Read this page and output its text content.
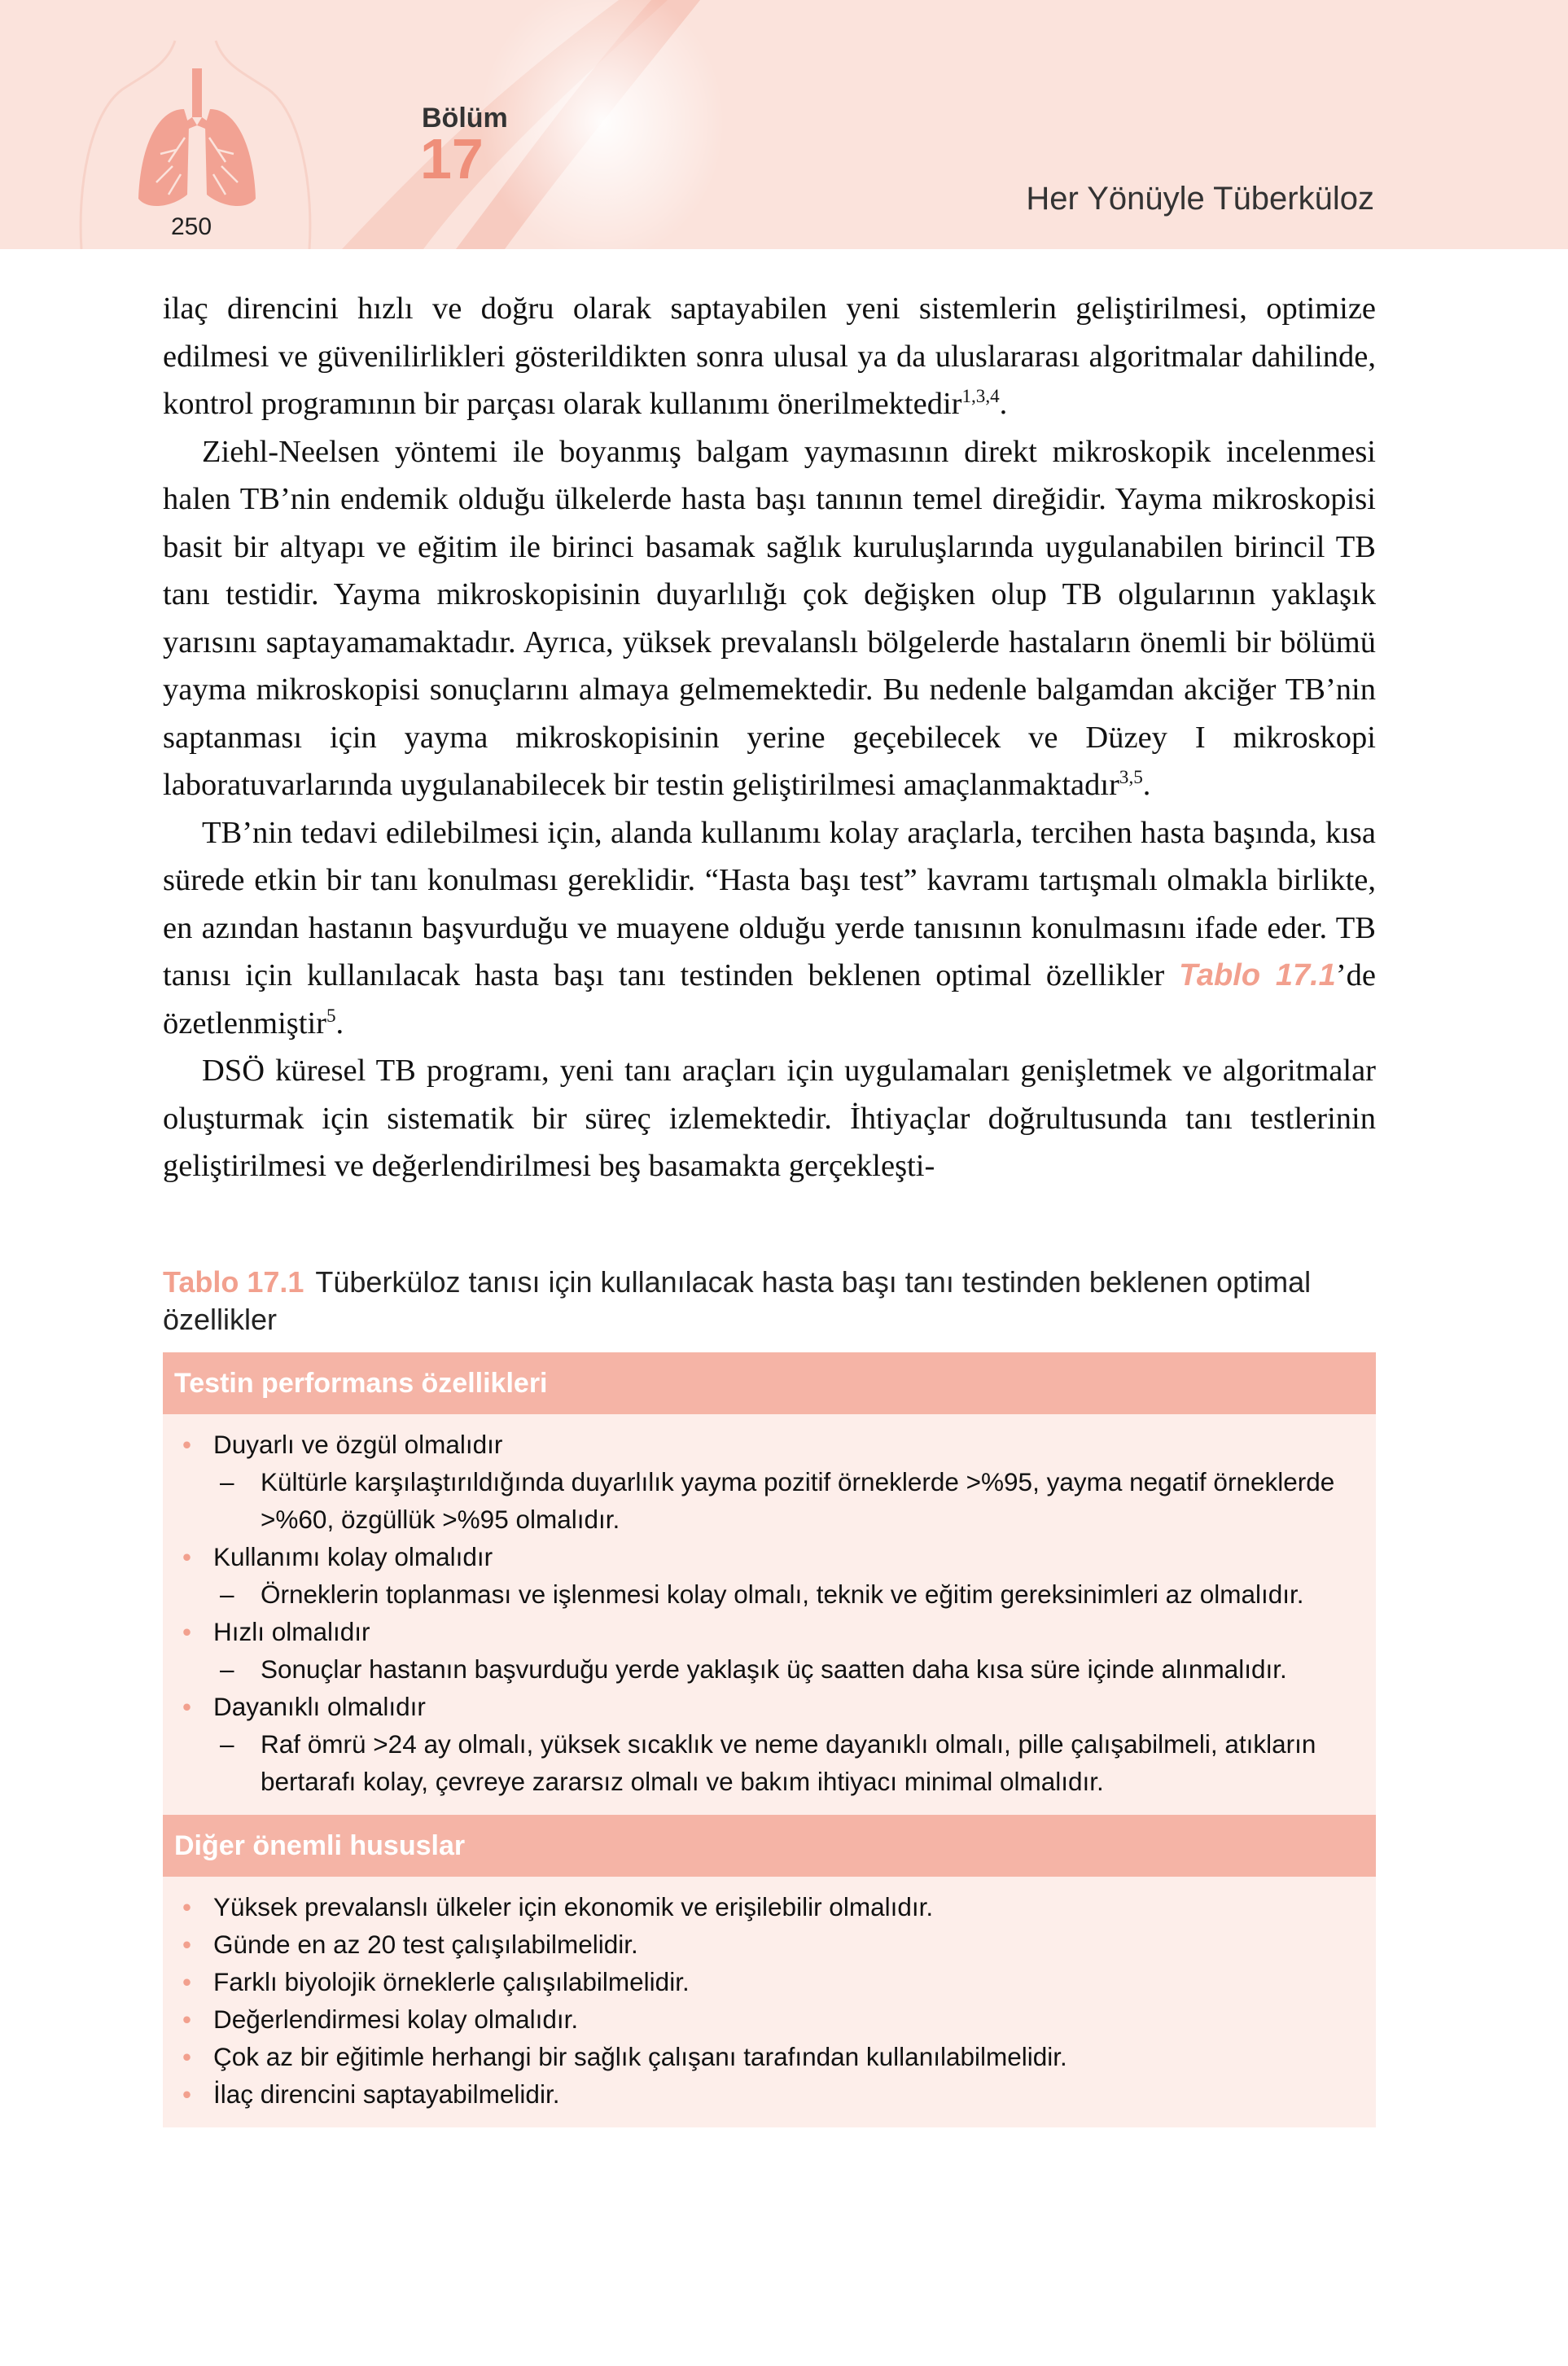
250
Bölüm
17
Her Yönüyle Tüberküloz

ilaç direncini hızlı ve doğru olarak saptayabilen yeni sistemlerin geliştirilmesi, optimize edilmesi ve güvenilirlikleri gösterildikten sonra ulusal ya da uluslararası algoritmalar dahilinde, kontrol programının bir parçası olarak kullanımı önerilmektedir$^{1,3,4}$.

Ziehl-Neelsen yöntemi ile boyanmış balgam yaymasının direkt mikroskopik incelenmesi halen TB’nin endemik olduğu ülkelerde hasta başı tanının temel direğidir. Yayma mikroskopisi basit bir altyapı ve eğitim ile birinci basamak sağlık kuruluşlarında uygulanabilen birincil TB tanı testidir. Yayma mikroskopisinin duyarlılığı çok değişken olup TB olgularının yaklaşık yarısını saptayamamaktadır. Ayrıca, yüksek prevalanslı bölgelerde hastaların önemli bir bölümü yayma mikroskopisi sonuçlarını almaya gelmemektedir. Bu nedenle balgamdan akciğer TB’nin saptanması için yayma mikroskopisinin yerine geçebilecek ve Düzey I mikroskopi laboratuvarlarında uygulanabilecek bir testin geliştirilmesi amaçlanmaktadır$^{3,5}$.

TB’nin tedavi edilebilmesi için, alanda kullanımı kolay araçlarla, tercihen hasta başında, kısa sürede etkin bir tanı konulması gereklidir. “Hasta başı test” kavramı tartışmalı olmakla birlikte, en azından hastanın başvurduğu ve muayene olduğu yerde tanısının konulmasını ifade eder. TB tanısı için kullanılacak hasta başı tanı testinden beklenen optimal özellikler Tablo 17.1’de özetlenmiştir$^5$.

DSÖ küresel TB programı, yeni tanı araçları için uygulamaları genişletmek ve algoritmalar oluşturmak için sistematik bir süreç izlemektedir. İhtiyaçlar doğrultusunda tanı testlerinin geliştirilmesi ve değerlendirilmesi beş basamakta gerçekleşti-

Tablo 17.1 Tüberküloz tanısı için kullanılacak hasta başı tanı testinden beklenen optimal özellikler
Testin performans özellikleri
• Duyarlı ve özgül olmalıdır
– Kültürle karşılaştırıldığında duyarlılık yayma pozitif örneklerde >%95, yayma negatif örneklerde >%60, özgüllük >%95 olmalıdır.
• Kullanımı kolay olmalıdır
– Örneklerin toplanması ve işlenmesi kolay olmalı, teknik ve eğitim gereksinimleri az olmalıdır.
• Hızlı olmalıdır
– Sonuçlar hastanın başvurduğu yerde yaklaşık üç saatten daha kısa süre içinde alınmalıdır.
• Dayanıklı olmalıdır
– Raf ömrü >24 ay olmalı, yüksek sıcaklık ve neme dayanıklı olmalı, pille çalışabilmeli, atıkların bertarafı kolay, çevreye zararsız olmalı ve bakım ihtiyacı minimal olmalıdır.
Diğer önemli hususlar
• Yüksek prevalanslı ülkeler için ekonomik ve erişilebilir olmalıdır.
• Günde en az 20 test çalışılabilmelidir.
• Farklı biyolojik örneklerle çalışılabilmelidir.
• Değerlendirmesi kolay olmalıdır.
• Çok az bir eğitimle herhangi bir sağlık çalışanı tarafından kullanılabilmelidir.
• İlaç direncini saptayabilmelidir.
